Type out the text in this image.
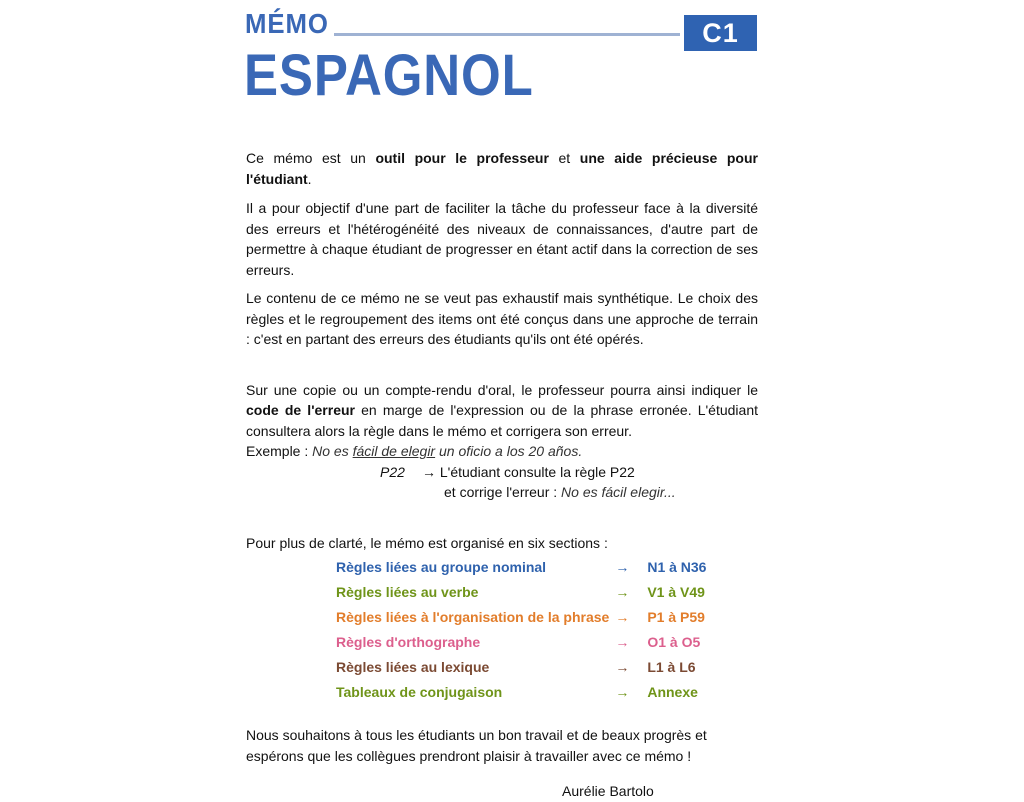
MÉMO	C1
ESPAGNOL

Ce mémo est un outil pour le professeur et une aide précieuse pour l'étudiant.

Il a pour objectif d'une part de faciliter la tâche du professeur face à la diversité des erreurs et l'hétérogénéité des niveaux de connaissances, d'autre part de permettre à chaque étudiant de progresser en étant actif dans la correction de ses erreurs.

Le contenu de ce mémo ne se veut pas exhaustif mais synthétique. Le choix des règles et le regroupement des items ont été conçus dans une approche de terrain : c'est en partant des erreurs des étudiants qu'ils ont été opérés.

Sur une copie ou un compte-rendu d'oral, le professeur pourra ainsi indiquer le code de l'erreur en marge de l'expression ou de la phrase erronée. L'étudiant consultera alors la règle dans le mémo et corrigera son erreur.

Exemple : No es fácil de elegir un oficio a los 20 años.

P22 → L'étudiant consulte la règle P22

et corrige l'erreur : No es fácil elegir...

Pour plus de clarté, le mémo est organisé en six sections :

Règles liées au groupe nominal	→	N1 à N36
Règles liées au verbe	→	V1 à V49
Règles liées à l'organisation de la phrase	→	P1 à P59
Règles d'orthographe	→	O1 à O5
Règles liées au lexique	→	L1 à L6
Tableaux de conjugaison	→	Annexe

Nous souhaitons à tous les étudiants un bon travail et de beaux progrès et espérons que les collègues prendront plaisir à travailler avec ce mémo !

Aurélie Bartolo
